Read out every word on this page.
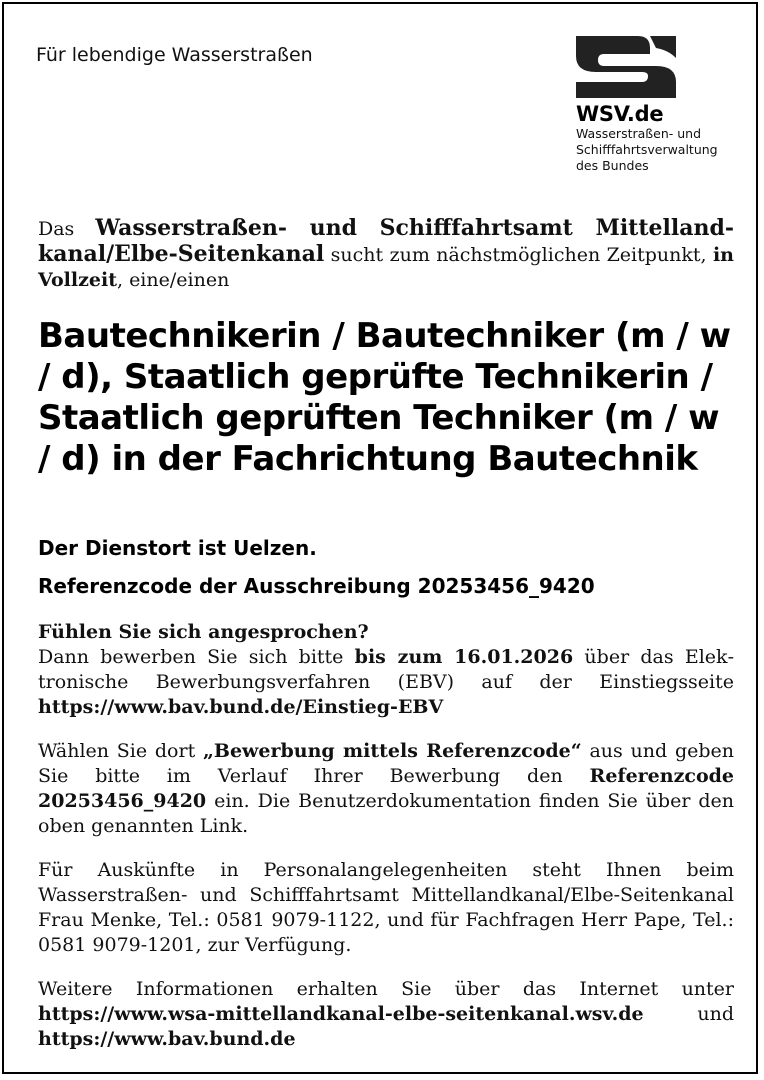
Für lebendige Wasserstraßen
WSV.de
Wasserstraßen- und
Schifffahrtsverwaltung
des Bundes
Das Wasserstraßen- und Schifffahrtsamt Mittellandkanal/Elbe-Seitenkanal sucht zum nächstmöglichen Zeitpunkt, in Vollzeit, eine/einen
Bautechnikerin / Bautechniker (m / w / d), Staatlich geprüfte Technikerin / Staatlich geprüften Techniker (m / w / d) in der Fachrichtung Bautechnik
Der Dienstort ist Uelzen.
Referenzcode der Ausschreibung 20253456_9420
Fühlen Sie sich angesprochen?
Dann bewerben Sie sich bitte bis zum 16.01.2026 über das Elektronische Bewerbungsverfahren (EBV) auf der Einstiegsseite https://www.bav.bund.de/Einstieg-EBV
Wählen Sie dort „Bewerbung mittels Referenzcode“ aus und geben Sie bitte im Verlauf Ihrer Bewerbung den Referenzcode 20253456_9420 ein. Die Benutzerdokumentation finden Sie über den oben genannten Link.
Für Auskünfte in Personalangelegenheiten steht Ihnen beim Wasserstraßen- und Schifffahrtsamt Mittellandkanal/Elbe-Seitenkanal Frau Menke, Tel.: 0581 9079-1122, und für Fachfragen Herr Pape, Tel.: 0581 9079-1201, zur Verfügung.
Weitere Informationen erhalten Sie über das Internet unter https://www.wsa-mittellandkanal-elbe-seitenkanal.wsv.de und https://www.bav.bund.de
